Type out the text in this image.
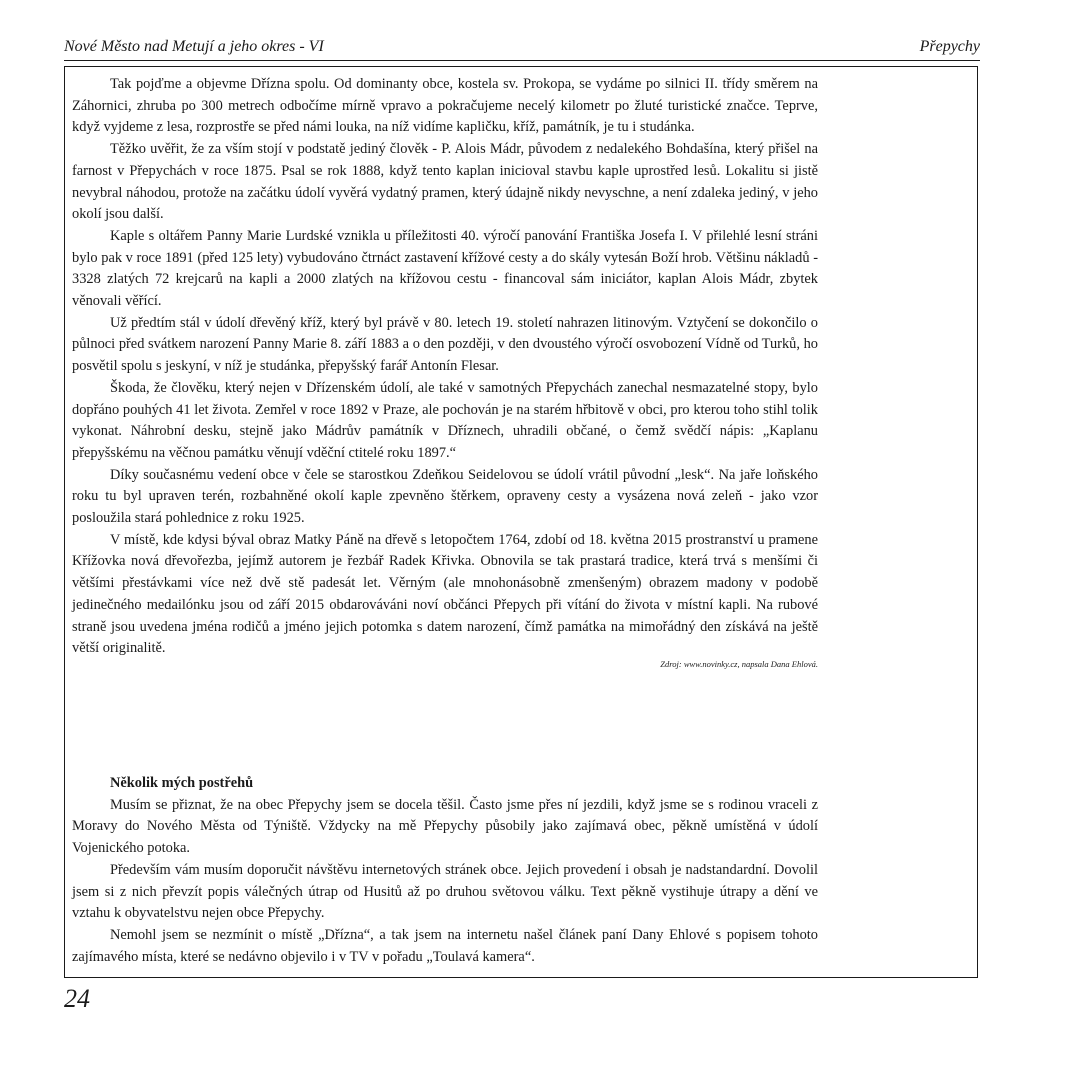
Nové Město nad Metují a jeho okres - VI	Přepychy

Tak pojďme a objevme Dřízna spolu. Od dominanty obce, kostela sv. Prokopa, se vydáme po silnici II. třídy směrem na Záhornici, zhruba po 300 metrech odbočíme mírně vpravo a pokračujeme necelý kilometr po žluté turistické značce. Teprve, když vyjdeme z lesa, rozprostře se před námi louka, na níž vidíme kapličku, kříž, památník, je tu i studánka.

Těžko uvěřit, že za vším stojí v podstatě jediný člověk - P. Alois Mádr, původem z nedalekého Bohdašína, který přišel na farnost v Přepychách v roce 1875. Psal se rok 1888, když tento kaplan inicioval stavbu kaple uprostřed lesů. Lokalitu si jistě nevybral náhodou, protože na začátku údolí vyvěrá vydatný pramen, který údajně nikdy nevyschne, a není zdaleka jediný, v jeho okolí jsou další.

Kaple s oltářem Panny Marie Lurdské vznikla u příležitosti 40. výročí panování Františka Josefa I. V přilehlé lesní stráni bylo pak v roce 1891 (před 125 lety) vybudováno čtrnáct zastavení křížové cesty a do skály vytesán Boží hrob. Většinu nákladů - 3328 zlatých 72 krejcarů na kapli a 2000 zlatých na křížovou cestu - financoval sám iniciátor, kaplan Alois Mádr, zbytek věnovali věřící.

Už předtím stál v údolí dřevěný kříž, který byl právě v 80. letech 19. století nahrazen litinovým. Vztyčení se dokončilo o půlnoci před svátkem narození Panny Marie 8. září 1883 a o den později, v den dvoustého výročí osvobození Vídně od Turků, ho posvětil spolu s jeskyní, v níž je studánka, přepyšský farář Antonín Flesar.

Škoda, že člověku, který nejen v Dřízenském údolí, ale také v samotných Přepychách zanechal nesmazatelné stopy, bylo dopřáno pouhých 41 let života. Zemřel v roce 1892 v Praze, ale pochován je na starém hřbitově v obci, pro kterou toho stihl tolik vykonat. Náhrobní desku, stejně jako Mádrův památník v Dříznech, uhradili občané, o čemž svědčí nápis: „Kaplanu přepyšskému na věčnou památku věnují vděční ctitelé roku 1897.“

Díky současnému vedení obce v čele se starostkou Zdeňkou Seidelovou se údolí vrátil původní „lesk“. Na jaře loňského roku tu byl upraven terén, rozbahněné okolí kaple zpevněno štěrkem, opraveny cesty a vysázena nová zeleň - jako vzor posloužila stará pohlednice z roku 1925.

V místě, kde kdysi býval obraz Matky Páně na dřevě s letopočtem 1764, zdobí od 18. května 2015 prostranství u pramene Křížovka nová dřevořezba, jejímž autorem je řezbář Radek Křivka. Obnovila se tak prastará tradice, která trvá s menšími či většími přestávkami více než dvě stě padesát let. Věrným (ale mnohonásobně zmenšeným) obrazem madony v podobě jedinečného medailónku jsou od září 2015 obdarováváni noví občánci Přepych při vítání do života v místní kapli. Na rubové straně jsou uvedena jména rodičů a jméno jejich potomka s datem narození, čímž památka na mimořádný den získává na ještě větší originalitě.

Zdroj: www.novinky.cz, napsala Dana Ehlová.
Několik mých postřehů

Musím se přiznat, že na obec Přepychy jsem se docela těšil. Často jsme přes ní jezdili, když jsme se s rodinou vraceli z Moravy do Nového Města od Týniště. Vždycky na mě Přepychy působily jako zajímavá obec, pěkně umístěná v údolí Vojenického potoka.

Především vám musím doporučit návštěvu internetových stránek obce. Jejich provedení i obsah je nadstandardní. Dovolil jsem si z nich převzít popis válečných útrap od Husitů až po druhou světovou válku. Text pěkně vystihuje útrapy a dění ve vztahu k obyvatelstvu nejen obce Přepychy.

Nemohl jsem se nezmínit o místě „Dřízna“, a tak jsem na internetu našel článek paní Dany Ehlové s popisem tohoto zajímavého místa, které se nedávno objevilo i v TV v pořadu „Toulavá kamera“.

24
